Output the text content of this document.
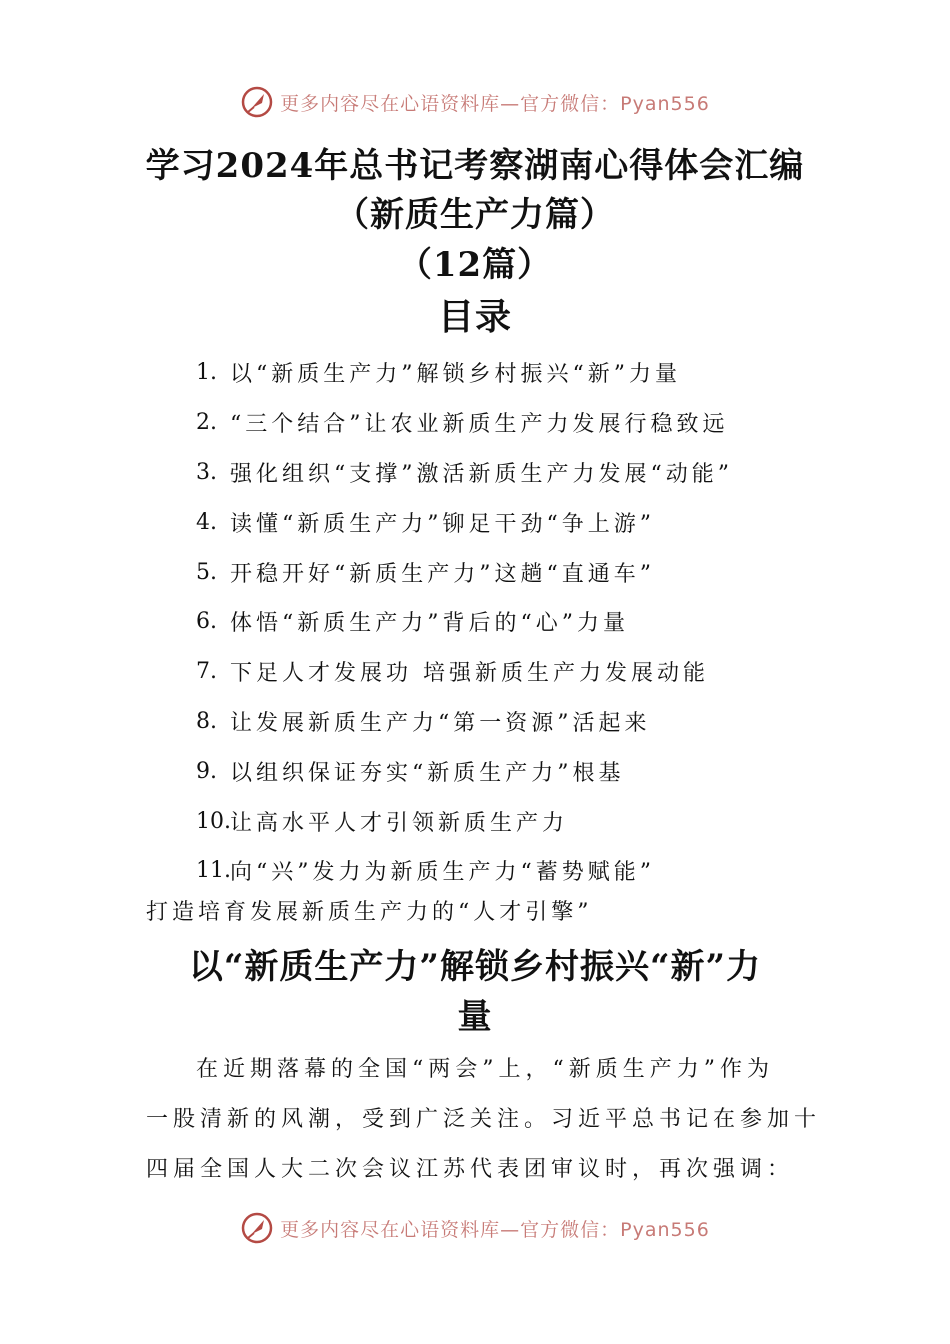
更多内容尽在心语资料库—官方微信：Pyan556
学习2024年总书记考察湖南心得体会汇编
（新质生产力篇）
（12篇）
目录
1. 以“新质生产力”解锁乡村振兴“新”力量
2. “三个结合”让农业新质生产力发展行稳致远
3. 强化组织“支撑”激活新质生产力发展“动能”
4. 读懂“新质生产力”铆足干劲“争上游”
5. 开稳开好“新质生产力”这趟“直通车”
6. 体悟“新质生产力”背后的“心”力量
7. 下足人才发展功 培强新质生产力发展动能
8. 让发展新质生产力“第一资源”活起来
9. 以组织保证夯实“新质生产力”根基
10. 让高水平人才引领新质生产力
11. 向“兴”发力为新质生产力“蓄势赋能”
打造培育发展新质生产力的“人才引擎”
以“新质生产力”解锁乡村振兴“新”力
量
在近期落幕的全国“两会”上，“新质生产力”作为
一股清新的风潮，受到广泛关注。习近平总书记在参加十
四届全国人大二次会议江苏代表团审议时，再次强调：
更多内容尽在心语资料库—官方微信：Pyan556
